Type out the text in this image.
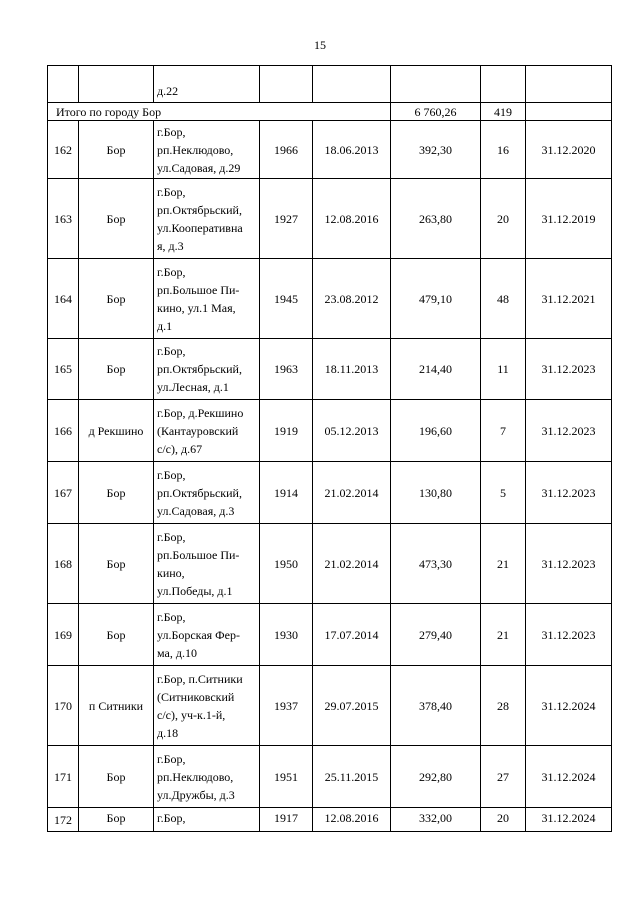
15
		д.22					
Итого по городу Бор					6 760,26	419	
162	Бор	г.Бор,
рп.Неклюдово,
ул.Садовая, д.29	1966	18.06.2013	392,30	16	31.12.2020
163	Бор	г.Бор,
рп.Октябрьский,
ул.Кооперативна
я, д.3	1927	12.08.2016	263,80	20	31.12.2019
164	Бор	г.Бор,
рп.Большое Пи-
кино, ул.1 Мая,
д.1	1945	23.08.2012	479,10	48	31.12.2021
165	Бор	г.Бор,
рп.Октябрьский,
ул.Лесная, д.1	1963	18.11.2013	214,40	11	31.12.2023
166	д Рекшино	г.Бор, д.Рекшино
(Кантауровский
с/с), д.67	1919	05.12.2013	196,60	7	31.12.2023
167	Бор	г.Бор,
рп.Октябрьский,
ул.Садовая, д.3	1914	21.02.2014	130,80	5	31.12.2023
168	Бор	г.Бор,
рп.Большое Пи-
кино,
ул.Победы, д.1	1950	21.02.2014	473,30	21	31.12.2023
169	Бор	г.Бор,
ул.Борская Фер-
ма, д.10	1930	17.07.2014	279,40	21	31.12.2023
170	п Ситники	г.Бор, п.Ситники
(Ситниковский
с/с), уч-к.1-й,
д.18	1937	29.07.2015	378,40	28	31.12.2024
171	Бор	г.Бор,
рп.Неклюдово,
ул.Дружбы, д.3	1951	25.11.2015	292,80	27	31.12.2024
172	Бор	г.Бор,	1917	12.08.2016	332,00	20	31.12.2024
